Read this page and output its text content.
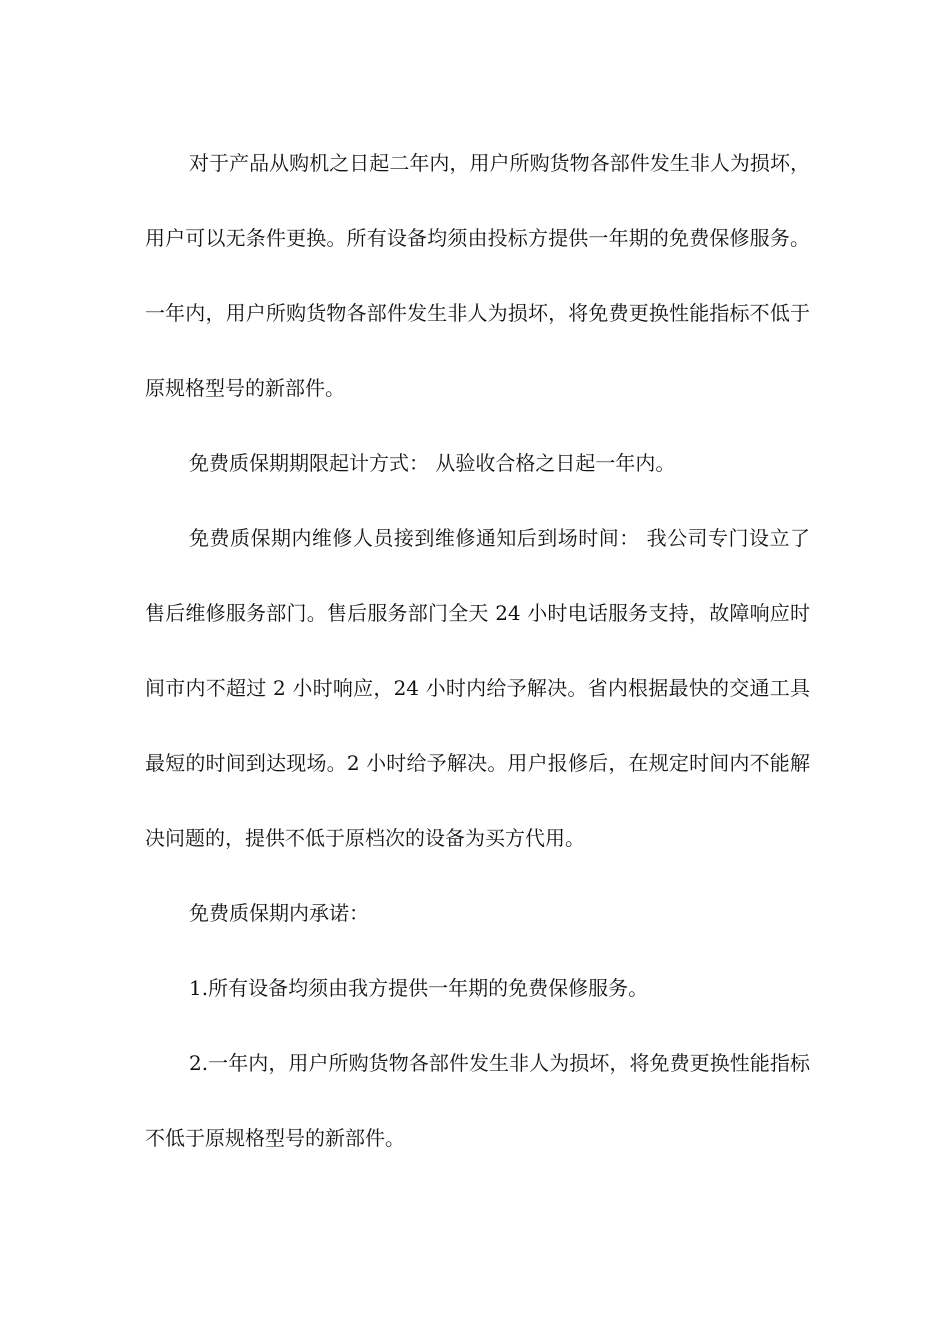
对于产品从购机之日起二年内，用户所购货物各部件发生非人为损坏，用户可以无条件更换。所有设备均须由投标方提供一年期的免费保修服务。一年内，用户所购货物各部件发生非人为损坏，将免费更换性能指标不低于原规格型号的新部件。

免费质保期期限起计方式： 从验收合格之日起一年内。

免费质保期内维修人员接到维修通知后到场时间： 我公司专门设立了售后维修服务部门。售后服务部门全天 24 小时电话服务支持，故障响应时间市内不超过 2 小时响应，24 小时内给予解决。省内根据最快的交通工具最短的时间到达现场。2 小时给予解决。用户报修后，在规定时间内不能解决问题的，提供不低于原档次的设备为买方代用。

免费质保期内承诺：

1.所有设备均须由我方提供一年期的免费保修服务。

2.一年内，用户所购货物各部件发生非人为损坏，将免费更换性能指标不低于原规格型号的新部件。
